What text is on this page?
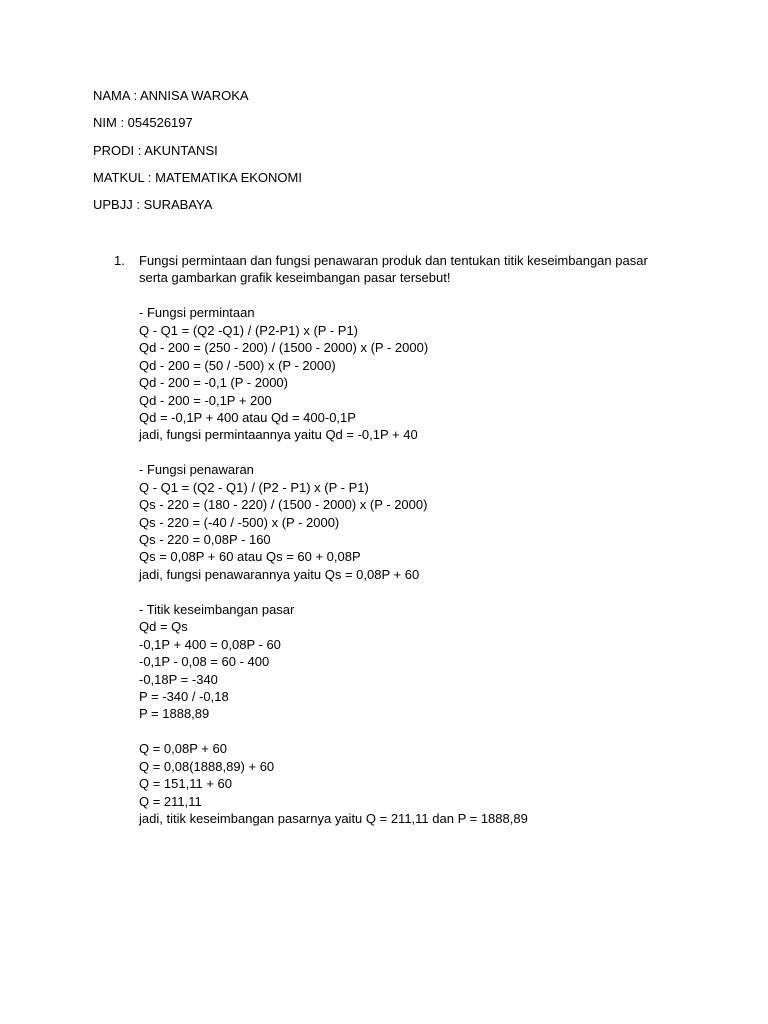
NAMA : ANNISA WAROKA
NIM : 054526197
PRODI : AKUNTANSI
MATKUL : MATEMATIKA EKONOMI
UPBJJ : SURABAYA
1. Fungsi permintaan dan fungsi penawaran produk dan tentukan titik keseimbangan pasar
serta gambarkan grafik keseimbangan pasar tersebut!
- Fungsi permintaan
Q - Q1 = (Q2 -Q1) / (P2-P1) x (P - P1)
Qd - 200 = (250 - 200) / (1500 - 2000) x (P - 2000)
Qd - 200 = (50 / -500) x (P - 2000)
Qd - 200 = -0,1 (P - 2000)
Qd - 200 = -0,1P + 200
Qd = -0,1P + 400 atau Qd = 400-0,1P
jadi, fungsi permintaannya yaitu Qd = -0,1P + 40
- Fungsi penawaran
Q - Q1 = (Q2 - Q1) / (P2 - P1) x (P - P1)
Qs - 220 = (180 - 220) / (1500 - 2000) x (P - 2000)
Qs - 220 = (-40 / -500) x (P - 2000)
Qs - 220 = 0,08P - 160
Qs = 0,08P + 60 atau Qs = 60 + 0,08P
jadi, fungsi penawarannya yaitu Qs = 0,08P + 60
- Titik keseimbangan pasar
Qd = Qs
-0,1P + 400 = 0,08P - 60
-0,1P - 0,08 = 60 - 400
-0,18P = -340
P = -340 / -0,18
P = 1888,89
Q = 0,08P + 60
Q = 0,08(1888,89) + 60
Q = 151,11 + 60
Q = 211,11
jadi, titik keseimbangan pasarnya yaitu Q = 211,11 dan P = 1888,89
